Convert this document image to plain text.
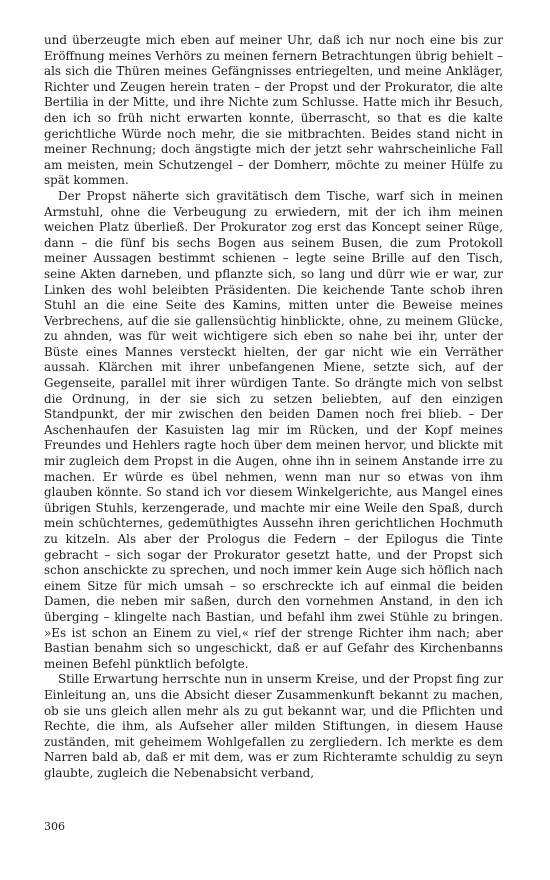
und überzeugte mich eben auf meiner Uhr, daß ich nur noch eine bis zur Eröffnung meines Verhörs zu meinen fernern Betrachtungen übrig behielt – als sich die Thüren meines Gefängnisses entriegelten, und meine Ankläger, Richter und Zeugen herein traten – der Propst und der Prokurator, die alte Bertilia in der Mitte, und ihre Nichte zum Schlusse. Hatte mich ihr Besuch, den ich so früh nicht erwarten konnte, überrascht, so that es die kalte gerichtliche Würde noch mehr, die sie mitbrachten. Beides stand nicht in meiner Rechnung; doch ängstigte mich der jetzt sehr wahrscheinliche Fall am meisten, mein Schutzengel – der Domherr, möchte zu meiner Hülfe zu spät kommen.

Der Propst näherte sich gravitätisch dem Tische, warf sich in meinen Armstuhl, ohne die Verbeugung zu erwiedern, mit der ich ihm meinen weichen Platz überließ. Der Prokurator zog erst das Koncept seiner Rüge, dann – die fünf bis sechs Bogen aus seinem Busen, die zum Protokoll meiner Aussagen bestimmt schienen – legte seine Brille auf den Tisch, seine Akten darneben, und pflanzte sich, so lang und dürr wie er war, zur Linken des wohl beleibten Präsidenten. Die keichende Tante schob ihren Stuhl an die eine Seite des Kamins, mitten unter die Beweise meines Verbrechens, auf die sie gallensüchtig hinblickte, ohne, zu meinem Glücke, zu ahnden, was für weit wichtigere sich eben so nahe bei ihr, unter der Büste eines Mannes versteckt hielten, der gar nicht wie ein Verräther aussah. Klärchen mit ihrer unbefangenen Miene, setzte sich, auf der Gegenseite, parallel mit ihrer würdigen Tante. So drängte mich von selbst die Ordnung, in der sie sich zu setzen beliebten, auf den einzigen Standpunkt, der mir zwischen den beiden Damen noch frei blieb. – Der Aschenhaufen der Kasuisten lag mir im Rücken, und der Kopf meines Freundes und Hehlers ragte hoch über dem meinen hervor, und blickte mit mir zugleich dem Propst in die Augen, ohne ihn in seinem Anstande irre zu machen. Er würde es übel nehmen, wenn man nur so etwas von ihm glauben könnte. So stand ich vor diesem Winkelgerichte, aus Mangel eines übrigen Stuhls, kerzengerade, und machte mir eine Weile den Spaß, durch mein schüchternes, gedemüthigtes Aussehn ihren gerichtlichen Hochmuth zu kitzeln. Als aber der Prologus die Federn – der Epilogus die Tinte gebracht – sich sogar der Prokurator gesetzt hatte, und der Propst sich schon anschickte zu sprechen, und noch immer kein Auge sich höflich nach einem Sitze für mich umsah – so erschreckte ich auf einmal die beiden Damen, die neben mir saßen, durch den vornehmen Anstand, in den ich überging – klingelte nach Bastian, und befahl ihm zwei Stühle zu bringen. »Es ist schon an Einem zu viel,« rief der strenge Richter ihm nach; aber Bastian benahm sich so ungeschickt, daß er auf Gefahr des Kirchenbanns meinen Befehl pünktlich befolgte.

Stille Erwartung herrschte nun in unserm Kreise, und der Propst fing zur Einleitung an, uns die Absicht dieser Zusammenkunft bekannt zu machen, ob sie uns gleich allen mehr als zu gut bekannt war, und die Pflichten und Rechte, die ihm, als Aufseher aller milden Stiftungen, in diesem Hause zuständen, mit geheimem Wohlgefallen zu zergliedern. Ich merkte es dem Narren bald ab, daß er mit dem, was er zum Richteramte schuldig zu seyn glaubte, zugleich die Nebenabsicht verband,

306
